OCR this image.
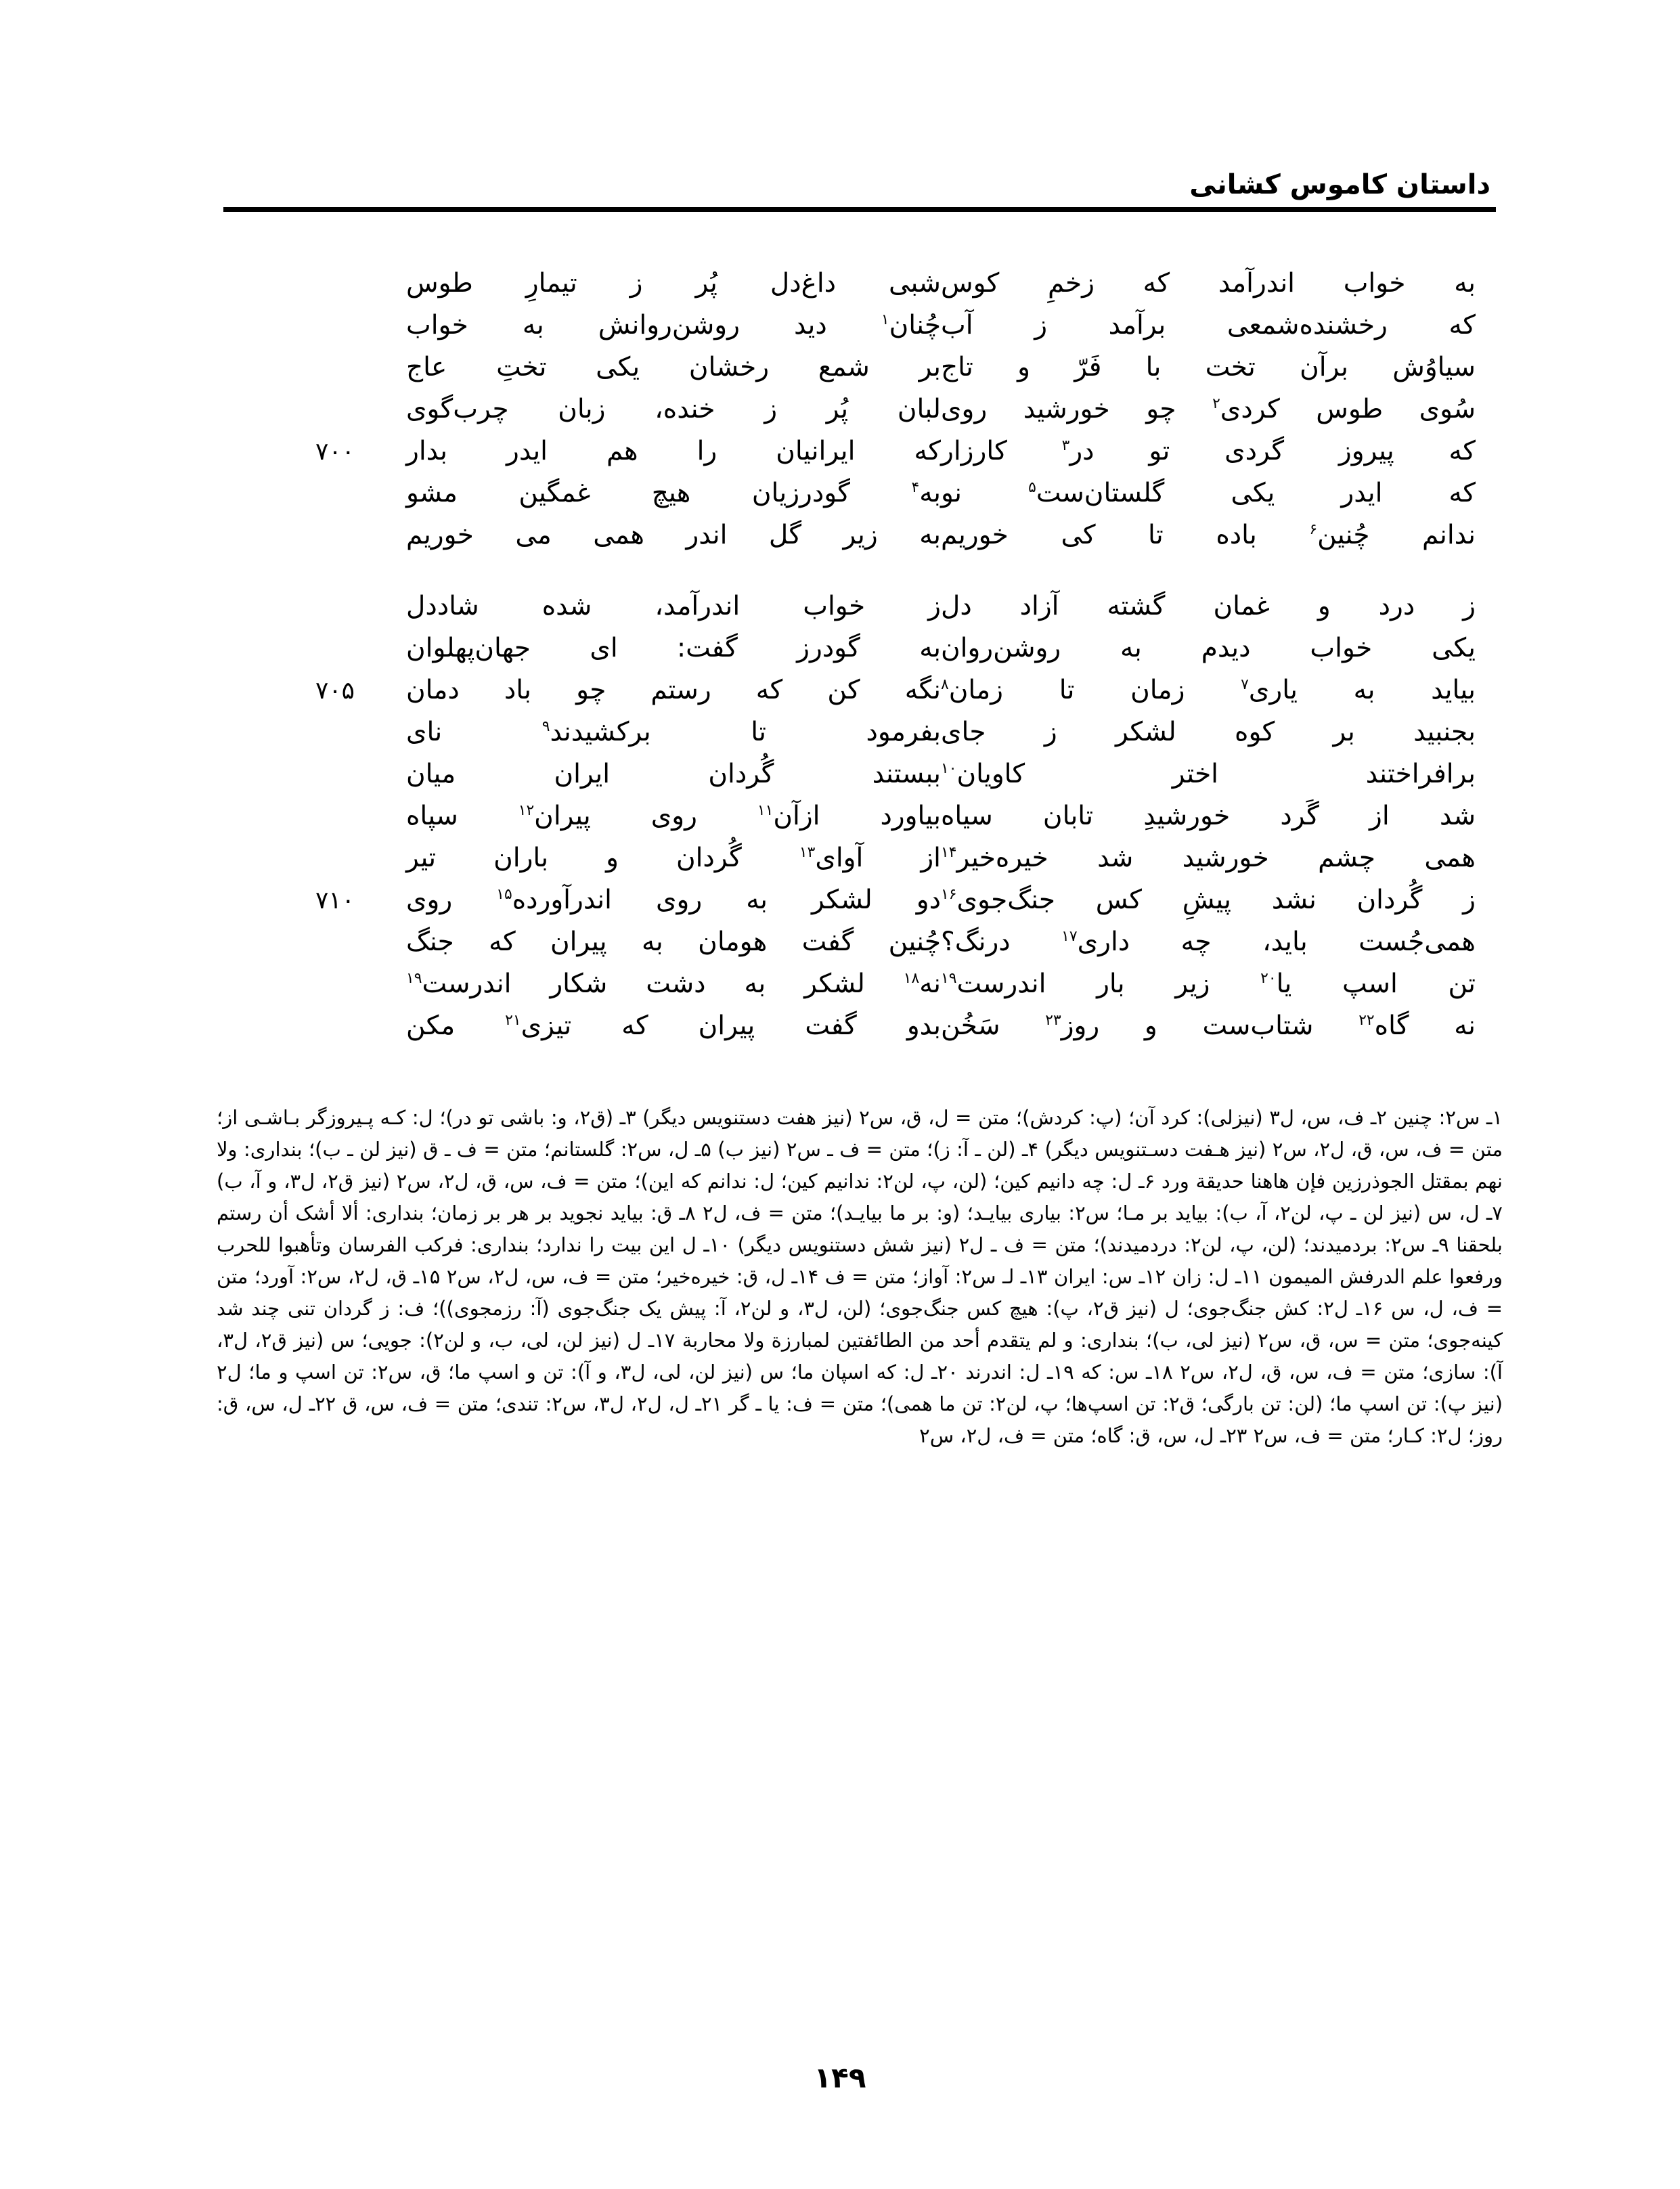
داستان کاموس کشانی
به خواب اندرآمد که زخمِ کوس
شبی داغ‌دل پُر ز تیمارِ طوس
که رخشنده‌شمعی برآمد ز آب
چُنان$^۱$ دید روشن‌روانش به خواب
سیاوُش برآن تخت با فَرّ و تاج
بر شمع رخشان یکی تختِ عاج
سُوی طوس کردی$^۲$ چو خورشید روی
لبان پُر ز خنده، زبان چرب‌گوی
که پیروز گردی تو در$^۳$ کارزار
که ایرانیان را هم ایدر بدار
۷۰۰
که ایدر یکی گلستان‌ست$^۵$ نو
به$^۴$ گودرزیان هیچ غمگین مشو
ندانم چُنین$^۶$ باده تا کی خوریم
به زیر گل اندر همی می خوریم
ز درد و غمان گشته آزاد دل
ز خواب اندرآمد، شده شاددل
یکی خواب دیدم به روشن‌روان
به گودرز گفت: ای جهان‌پهلوان
بیاید به یاری$^۷$ زمان تا زمان$^۸$
نگه کن که رستم چو باد دمان
۷۰۵
بجنبید بر کوه لشکر ز جای
بفرمود تا برکشیدند$^۹$ نای
برافراختند اختر کاویان$^{۱۰}$
ببستند گُردان ایران میان
شد از گَرد خورشیدِ تابان سیاه
بیاورد ازآن$^{۱۱}$ روی پیران$^{۱۲}$ سپاه
همی چشم خورشید شد خیره‌خیر$^{۱۴}$
از آوای$^{۱۳}$ گُردان و باران تیر
ز گُردان نشد پیشِ کس جنگ‌جوی$^{۱۶}$
دو لشکر به روی اندرآورده$^{۱۵}$ روی
۷۱۰
همی‌جُست باید، چه داری$^{۱۷}$ درنگ؟
چُنین گفت هومان به پیران که جنگ
تن اسپ یا$^{۲۰}$ زیر بار اندرست$^{۱۹}$
نه$^{۱۸}$ لشکر به دشت شکار اندرست$^{۱۹}$
نه گاه$^{۲۲}$ شتاب‌ست و روز$^{۲۳}$ سَخُن
بدو گفت پیران که تیزی$^{۲۱}$ مکن
۱ـ س٢: چنین ۲ـ ف، س، ل٣ (نیزلی): کرد آن؛ (پ: کردش)؛ متن = ل، ق، س٢ (نیز هفت دستنویس دیگر) ۳ـ (ق٢، و: باشی تو در)؛ ل: کـه پـیروزگر بـاشـی از؛ متن = ف، س، ق، ل٢، س٢ (نیز هـفت دسـتنویس دیگر) ۴ـ (لن ـ آ: ز)؛ متن = ف ـ س٢ (نیز ب) ۵ـ ل، س٢: گلستانم؛ متن = ف ـ ق (نیز لن ـ ب)؛ بنداری: ولا نهم بمقتل الجوذرزین فإن هاهنا حدیقة ورد ۶ـ ل: چه دانیم کین؛ (لن، پ، لن٢: ندانیم کین؛ ل: ندانم که این)؛ متن = ف، س، ق، ل٢، س٢ (نیز ق٢، ل٣، و آ، ب) ۷ـ ل، س (نیز لن ـ پ، لن٢، آ، ب): بیاید بر مـا؛ س٢: بیاری بیایـد؛ (و: بر ما بیایـد)؛ متن = ف، ل٢ ۸ـ ق: بیاید نجوید بر هر بر زمان؛ بنداری: ألا أشک أن رستم بلحقنا ۹ـ س٢: بردمیدند؛ (لن، پ، لن٢: دردمیدند)؛ متن = ف ـ ل٢ (نیز شش دستنویس دیگر) ۱۰ـ ل این بیت را ندارد؛ بنداری: فرکب الفرسان وتأهبوا للحرب ورفعوا علم الدرفش المیمون ۱۱ـ ل: زان ۱۲ـ س: ایران ۱۳ـ لـ س٢: آواز؛ متن = ف ۱۴ـ ل، ق: خیره‌خیر؛ متن = ف، س، ل٢، س٢ ۱۵ـ ق، ل٢، س٢: آورد؛ متن = ف، ل، س ۱۶ـ ل٢: کش جنگ‌جوی؛ ل (نیز ق٢، پ): هیچ کس جنگ‌جوی؛ (لن، ل٣، و لن٢، آ: پیش یک جنگ‌جوی (آ: رزمجوی))؛ ف: ز گردان تنی چند شد کینه‌جوی؛ متن = س، ق، س٢ (نیز لی، ب)؛ بنداری: و لم یتقدم أحد من الطائفتین لمبارزة ولا محاربة ۱۷ـ ل (نیز لن، لی، ب، و لن٢): جویی؛ س (نیز ق٢، ل٣، آ): سازی؛ متن = ف، س، ق، ل٢، س٢ ۱۸ـ س: که ۱۹ـ ل: اندرند ۲۰ـ ل: که اسپان ما؛ س (نیز لن، لی، ل٣، و آ): تن و اسپ ما؛ ق، س٢: تن اسپ و ما؛ ل٢ (نیز پ): تن اسپ ما؛ (لن: تن بارگی؛ ق٢: تن اسپ‌ها؛ پ، لن٢: تن ما همی)؛ متن = ف: یا ـ گر ۲۱ـ ل، ل٢، ل٣، س٢: تندی؛ متن = ف، س، ق ۲۲ـ ل، س، ق: روز؛ ل٢: کـار؛ متن = ف، س٢ ۲۳ـ ل، س، ق: گاه؛ متن = ف، ل٢، س٢
۱۴۹
